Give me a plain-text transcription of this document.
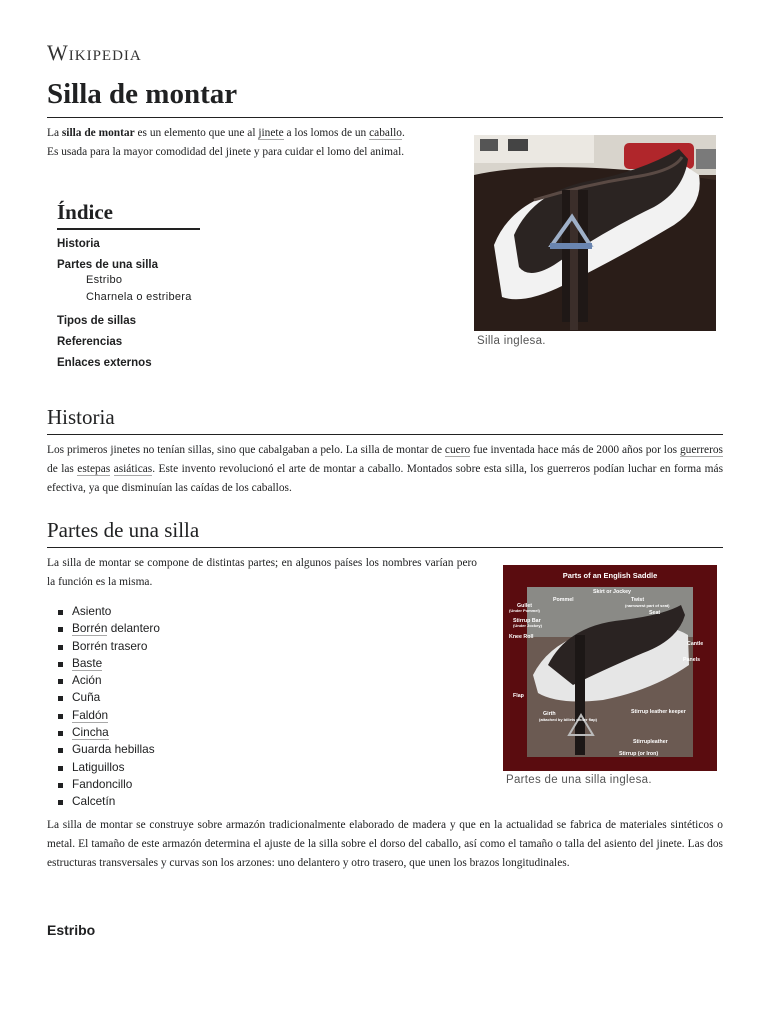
Wikipedia
Silla de montar

La silla de montar es un elemento que une al jinete a los lomos de un caballo.
Es usada para la mayor comodidad del jinete y para cuidar el lomo del animal.

Silla inglesa.
Índice
Historia
Partes de una silla
Estribo
Charnela o estribera
Tipos de sillas
Referencias
Enlaces externos
Historia

Los primeros jinetes no tenían sillas, sino que cabalgaban a pelo. La silla de montar de cuero fue inventada hace más de 2000 años por los guerreros de las estepas asiáticas. Este invento revolucionó el arte de montar a caballo. Montados sobre esta silla, los guerreros podían luchar en forma más efectiva, ya que disminuían las caídas de los caballos.

Partes de una silla

La silla de montar se compone de distintas partes; en algunos países los nombres varían pero la función es la misma.

Asiento
Borrén delantero
Borrén trasero
Baste
Ación
Cuña
Faldón
Cincha
Guarda hebillas
Latiguillos
Fandoncillo
Calcetín
Parts of an English Saddle
Skirt or Jockey
Pommel	Twist
(narrowest part of seat)
Gullet
(Under Pommel)	Seat
Stirrup Bar
(Under Jockey)
Knee Roll
Cantle
Panels
Flap
Girth
(attached by billets under flap)
Stirrup leather keeper
Stirrupleather
Stirrup (or Iron)
Partes de una silla inglesa.

La silla de montar se construye sobre armazón tradicionalmente elaborado de madera y que en la actualidad se fabrica de materiales sintéticos o metal. El tamaño de este armazón determina el ajuste de la silla sobre el dorso del caballo, así como el tamaño o talla del asiento del jinete. Las dos estructuras transversales y curvas son los arzones: uno delantero y otro trasero, que unen los brazos longitudinales.

Estribo
